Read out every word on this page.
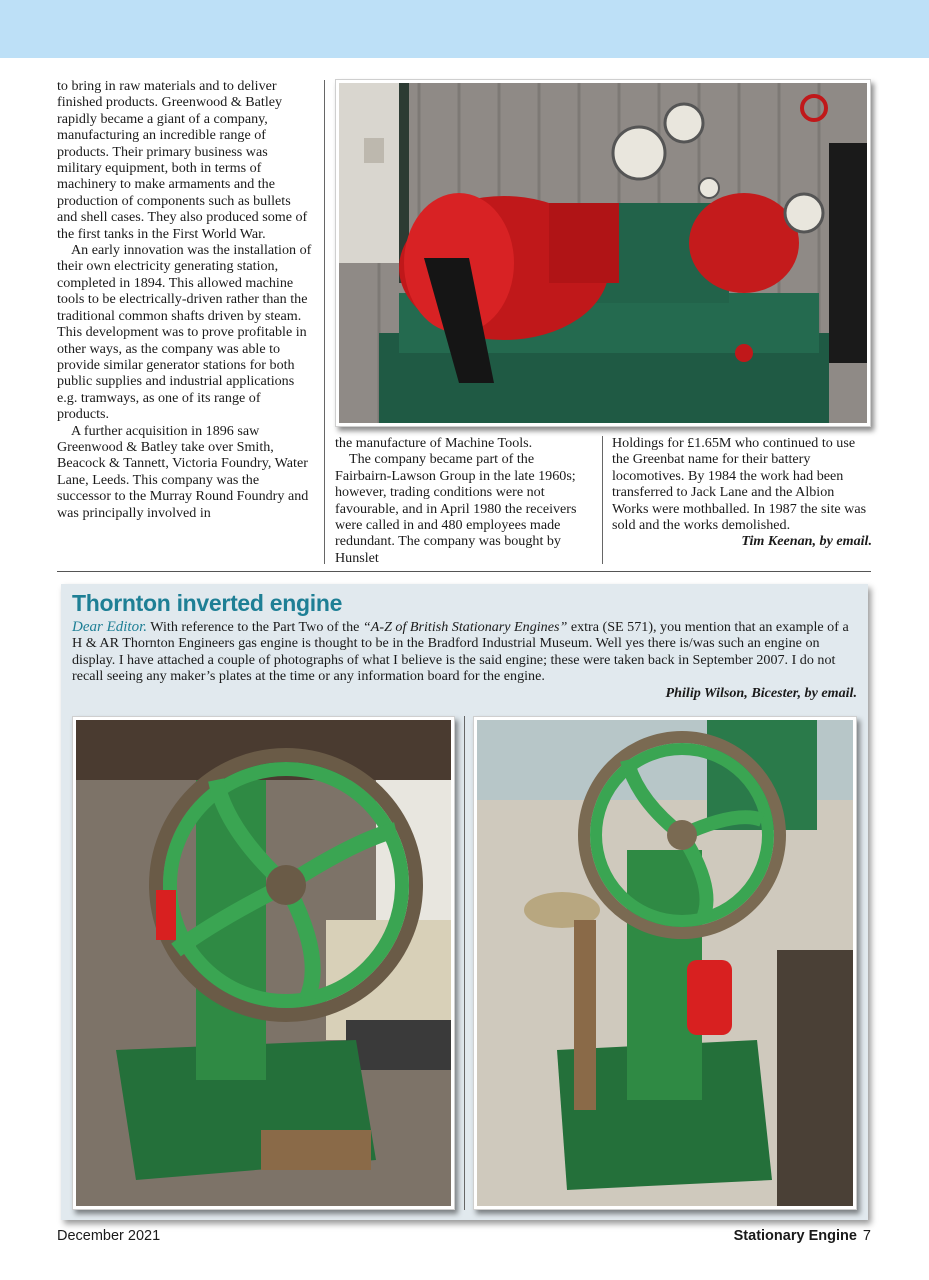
to bring in raw materials and to deliver finished products. Greenwood & Batley rapidly became a giant of a company, manufacturing an incredible range of products. Their primary business was military equipment, both in terms of machinery to make armaments and the production of components such as bullets and shell cases. They also produced some of the first tanks in the First World War.

An early innovation was the installation of their own electricity generating station, completed in 1894. This allowed machine tools to be electrically-driven rather than the traditional common shafts driven by steam. This development was to prove profitable in other ways, as the company was able to provide similar generator stations for both public supplies and industrial applications e.g. tramways, as one of its range of products.

A further acquisition in 1896 saw Greenwood & Batley take over Smith, Beacock & Tannett, Victoria Foundry, Water Lane, Leeds. This company was the successor to the Murray Round Foundry and was principally involved in

the manufacture of Machine Tools.

The company became part of the Fairbairn-Lawson Group in the late 1960s; however, trading conditions were not favourable, and in April 1980 the receivers were called in and 480 employees made redundant. The company was bought by Hunslet

Holdings for £1.65M who continued to use the Greenbat name for their battery locomotives. By 1984 the work had been transferred to Jack Lane and the Albion Works were mothballed. In 1987 the site was sold and the works demolished.

Tim Keenan, by email.

Thornton inverted engine
Dear Editor. With reference to the Part Two of the “A-Z of British Stationary Engines” extra (SE 571), you mention that an example of a H & AR Thornton Engineers gas engine is thought to be in the Bradford Industrial Museum. Well yes there is/was such an engine on display. I have attached a couple of photographs of what I believe is the said engine; these were taken back in September 2007. I do not recall seeing any maker’s plates at the time or any information board for the engine.
Philip Wilson, Bicester, by email.
December 2021	Stationary Engine 7
